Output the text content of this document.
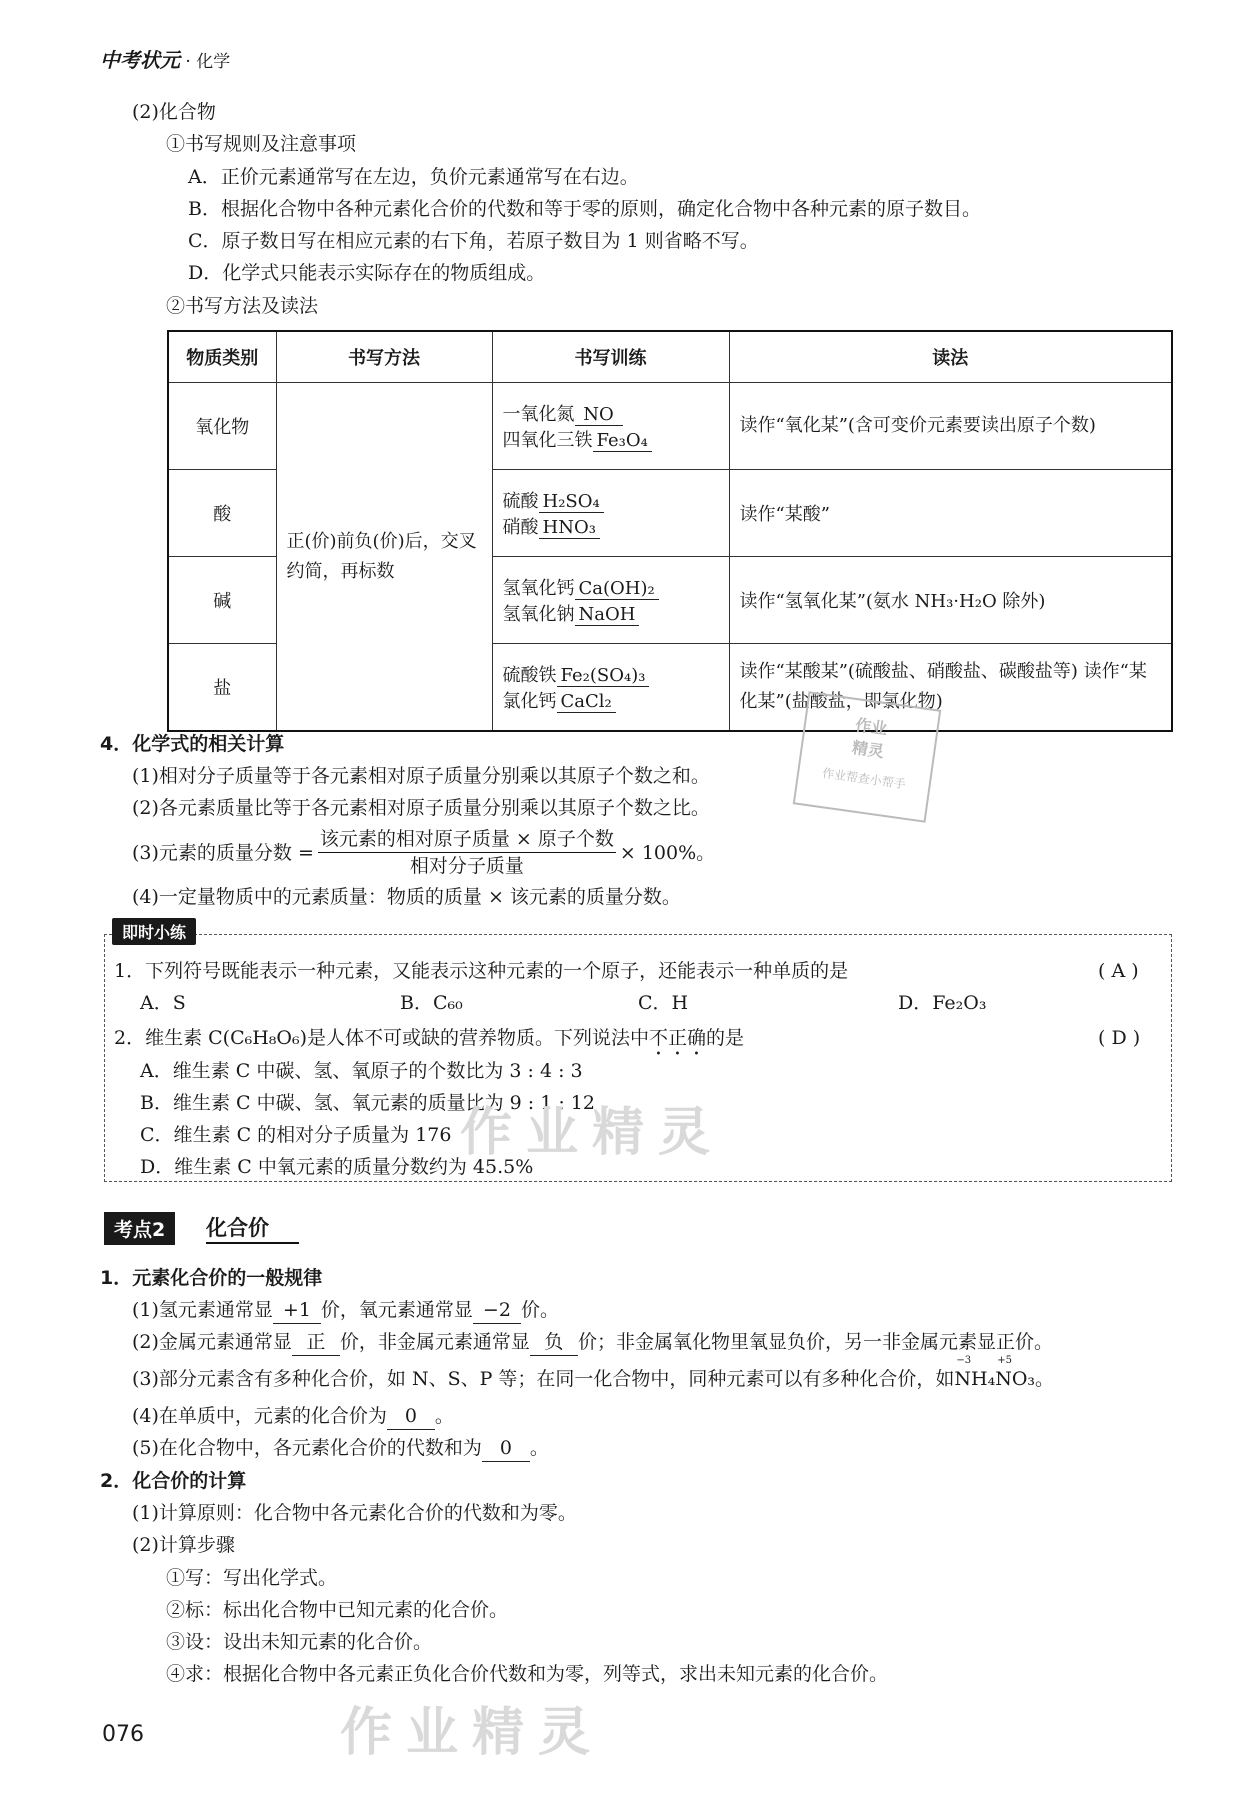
中考状元 · 化学
(2)化合物
①书写规则及注意事项
A．正价元素通常写在左边，负价元素通常写在右边。
B．根据化合物中各种元素化合价的代数和等于零的原则，确定化合物中各种元素的原子数目。
C．原子数日写在相应元素的右下角，若原子数目为 1 则省略不写。
D．化学式只能表示实际存在的物质组成。
②书写方法及读法
物质类别	书写方法	书写训练	读法
氧化物	正(价)前负(价)后，交叉约简，再标数	一氧化氮 NO
四氧化三铁 Fe₃O₄	读作“氧化某”(含可变价元素要读出原子个数)
酸		硫酸 H₂SO₄
硝酸 HNO₃	读作“某酸”
碱		氢氧化钙 Ca(OH)₂
氢氧化钠 NaOH	读作“氢氧化某”(氨水 NH₃·H₂O 除外)
盐		硫酸铁 Fe₂(SO₄)₃
氯化钙 CaCl₂	读作“某酸某”(硫酸盐、硝酸盐、碳酸盐等) 读作“某化某”(盐酸盐，即氯化物)
4．化学式的相关计算
(1)相对分子质量等于各元素相对原子质量分别乘以其原子个数之和。
(2)各元素质量比等于各元素相对原子质量分别乘以其原子个数之比。
(3)元素的质量分数 = $\frac{\text{该元素的相对原子质量 × 原子个数}}{\text{相对分子质量}} \times 100\%$。
(4)一定量物质中的元素质量：物质的质量 × 该元素的质量分数。
作业
精灵
作业帮查小帮手
即时小练
1．下列符号既能表示一种元素，又能表示这种元素的一个原子，还能表示一种单质的是	( A )
A．S	B．C₆₀	C．H	D．Fe₂O₃
2．维生素 C(C₆H₈O₆)是人体不可或缺的营养物质。下列说法中不正确的是	( D )
A．维生素 C 中碳、氢、氧原子的个数比为 3 : 4 : 3
B．维生素 C 中碳、氢、氧元素的质量比为 9 : 1 : 12
C．维生素 C 的相对分子质量为 176
D．维生素 C 中氧元素的质量分数约为 45.5%
考点2	化合价
1．元素化合价的一般规律
(1)氢元素通常显 +1 价，氧元素通常显 −2 价。
(2)金属元素通常显 正 价，非金属元素通常显 负 价；非金属氧化物里氧显负价，另一非金属元素显正价。
(3)部分元素含有多种化合价，如 N、S、P 等；在同一化合物中，同种元素可以有多种化合价，如
−3
N H₄
+5
N O₃。
(4)在单质中，元素的化合价为 0 。
(5)在化合物中，各元素化合价的代数和为 0 。
2．化合价的计算
(1)计算原则：化合物中各元素化合价的代数和为零。
(2)计算步骤
①写：写出化学式。
②标：标出化合物中已知元素的化合价。
③设：设出未知元素的化合价。
④求：根据化合物中各元素正负化合价代数和为零，列等式，求出未知元素的化合价。
作业精灵
作业精灵
076
